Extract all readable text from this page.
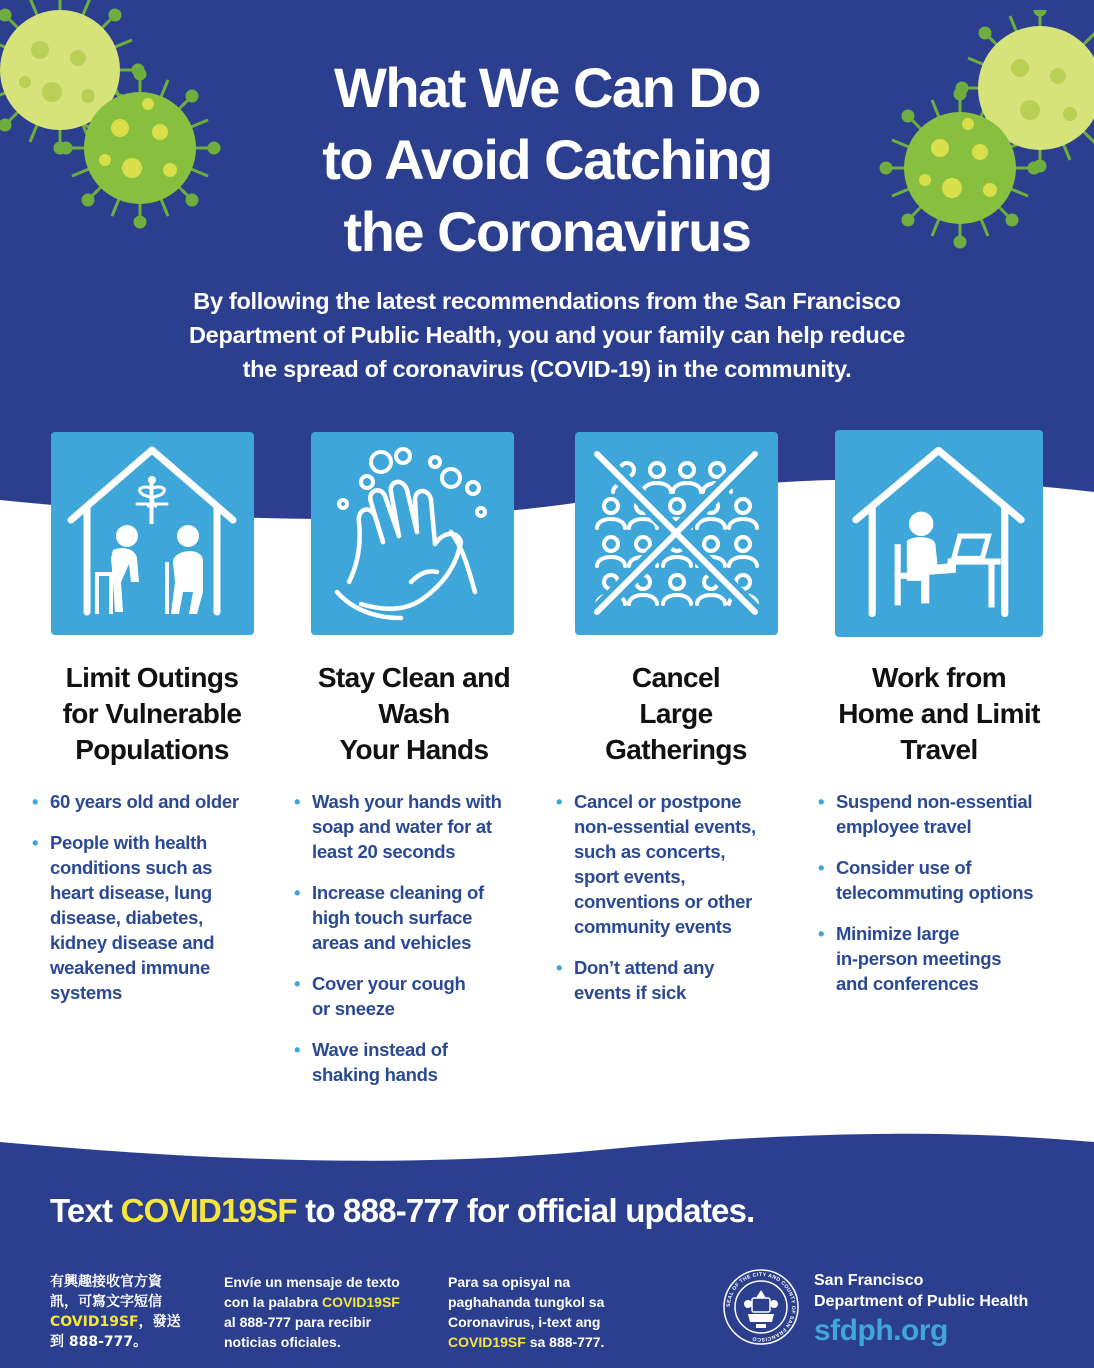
What We Can Do
to Avoid Catching
the Coronavirus

By following the latest recommendations from the San Francisco
Department of Public Health, you and your family can help reduce
the spread of coronavirus (COVID-19) in the community.

Limit Outings
for Vulnerable
Populations
Stay Clean and
Wash
Your Hands
Cancel
Large
Gatherings
Work from
Home and Limit
Travel
• 60 years old and older
• People with health
conditions such as
heart disease, lung
disease, diabetes,
kidney disease and
weakened immune
systems
• Wash your hands with
soap and water for at
least 20 seconds
• Increase cleaning of
high touch surface
areas and vehicles
• Cover your cough
or sneeze
• Wave instead of
shaking hands
• Cancel or postpone
non-essential events,
such as concerts,
sport events,
conventions or other
community events
• Don’t attend any
events if sick
• Suspend non-essential
employee travel
• Consider use of
telecommuting options
• Minimize large
in-person meetings
and conferences

Text COVID19SF to 888-777 for official updates.

有興趣接收官方資
訊，可寫文字短信
COVID19SF，發送
到 888-777。

Envíe un mensaje de texto
con la palabra COVID19SF
al 888-777 para recibir
noticias oficiales.

Para sa opisyal na
paghahanda tungkol sa
Coronavirus, i-text ang
COVID19SF sa 888-777.

SEAL OF THE CITY AND COUNTY OF SAN FRANCISCO

San Francisco
Department of Public Health

sfdph.org
